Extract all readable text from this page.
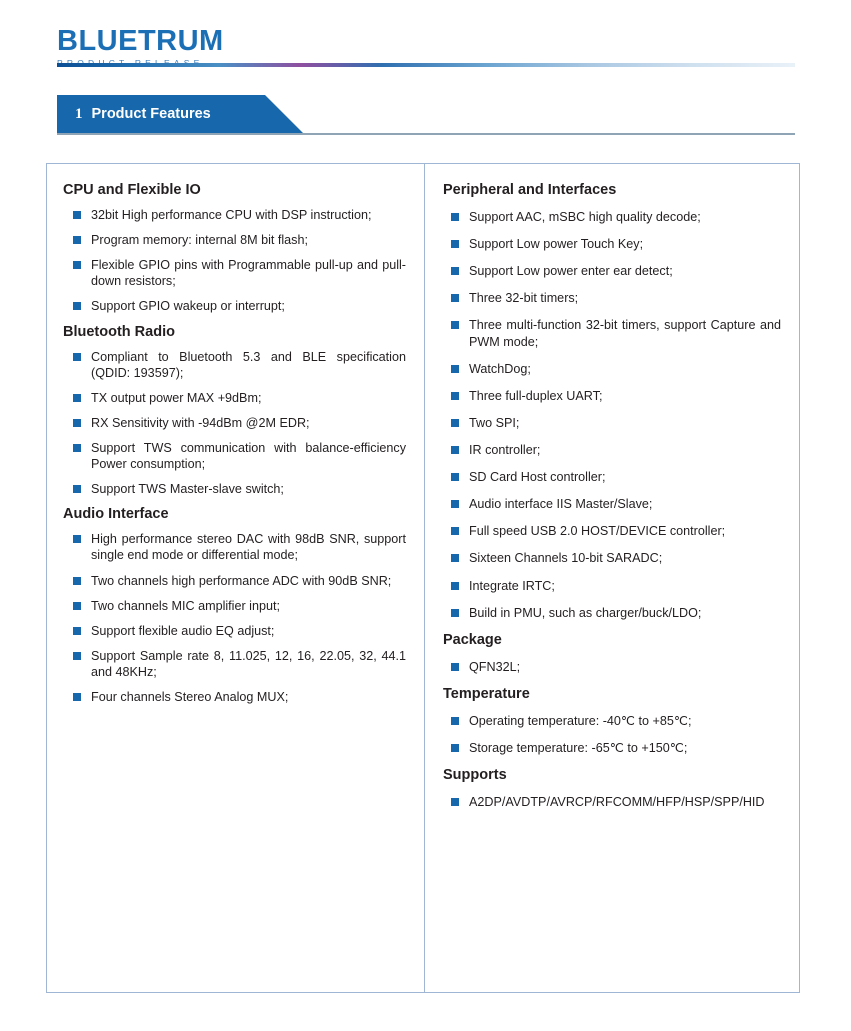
BLUETRUM
1 Product Features
CPU and Flexible IO
32bit High performance CPU with DSP instruction;
Program memory: internal 8M bit flash;
Flexible GPIO pins with Programmable pull-up and pull-down resistors;
Support GPIO wakeup or interrupt;
Bluetooth Radio
Compliant to Bluetooth 5.3 and BLE specification (QDID: 193597);
TX output power MAX +9dBm;
RX Sensitivity with -94dBm @2M EDR;
Support TWS communication with balance-efficiency Power consumption;
Support TWS Master-slave switch;
Audio Interface
High performance stereo DAC with 98dB SNR, support single end mode or differential mode;
Two channels high performance ADC with 90dB SNR;
Two channels MIC amplifier input;
Support flexible audio EQ adjust;
Support Sample rate 8, 11.025, 12, 16, 22.05, 32, 44.1 and 48KHz;
Four channels Stereo Analog MUX;
Peripheral and Interfaces
Support AAC, mSBC high quality decode;
Support Low power Touch Key;
Support Low power enter ear detect;
Three 32-bit timers;
Three multi-function 32-bit timers, support Capture and PWM mode;
WatchDog;
Three full-duplex UART;
Two SPI;
IR controller;
SD Card Host controller;
Audio interface IIS Master/Slave;
Full speed USB 2.0 HOST/DEVICE controller;
Sixteen Channels 10-bit SARADC;
Integrate IRTC;
Build in PMU, such as charger/buck/LDO;
Package
QFN32L;
Temperature
Operating temperature: -40℃ to +85℃;
Storage temperature: -65℃ to +150℃;
Supports
A2DP/AVDTP/AVRCP/RFCOMM/HFP/HSP/SPP/HID
